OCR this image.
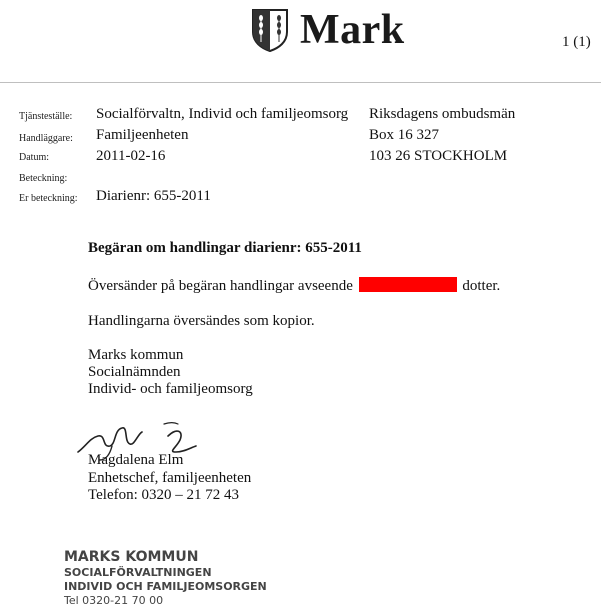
Mark	1 (1)
Tjänsteställe:
Handläggare:
Datum:
Beteckning:
Er beteckning:
Socialförvaltn, Individ och familjeomsorg
Familjeenheten
2011-02-16
Diarienr: 655-2011
Riksdagens ombudsmän
Box 16 327
103 26 STOCKHOLM
Begäran om handlingar diarienr: 655-2011
Översänder på begäran handlingar avseende	dotter.
Handlingarna översändes som kopior.
Marks kommun
Socialnämnden
Individ- och familjeomsorg
Magdalena Elm
Enhetschef, familjeenheten
Telefon: 0320 – 21 72 43
MARKS KOMMUN
SOCIALFÖRVALTNINGEN
INDIVID OCH FAMILJEOMSORGEN
Tel 0320-21 70 00
